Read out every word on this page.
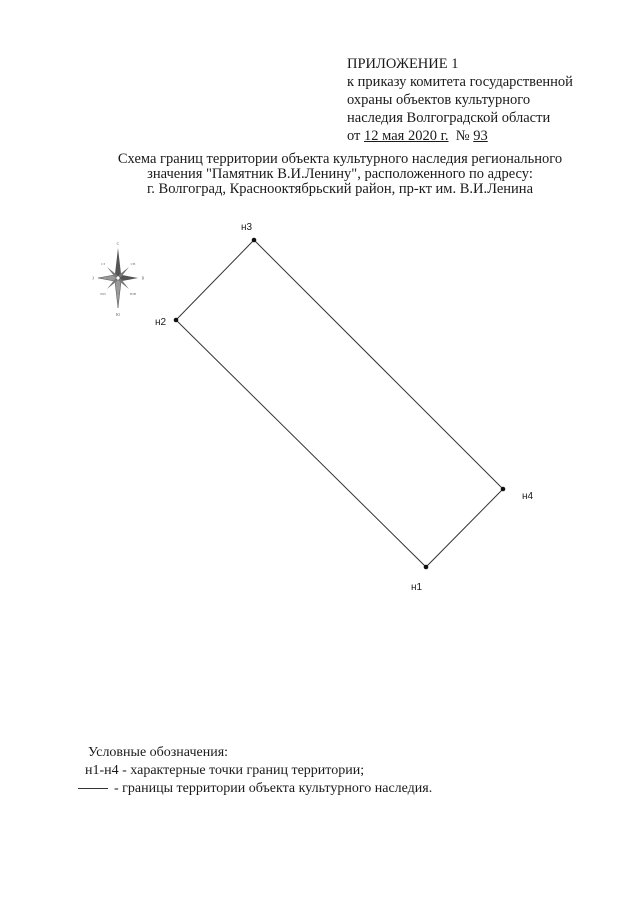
ПРИЛОЖЕНИЕ 1
к приказу комитета государственной
охраны объектов культурного
наследия Волгоградской области
от 12 мая 2020 г. № 93
Схема границ территории объекта культурного наследия регионального
значения "Памятник В.И.Ленину", расположенного по адресу:
г. Волгоград, Краснооктябрьский район, пр-кт им. В.И.Ленина
С
Ю
З	В
СЗ	СВ
ЮЗ	ЮВ
н1
н2
н3
н4
Условные обозначения:
н1-н4 - характерные точки границ территории;
- границы территории объекта культурного наследия.
